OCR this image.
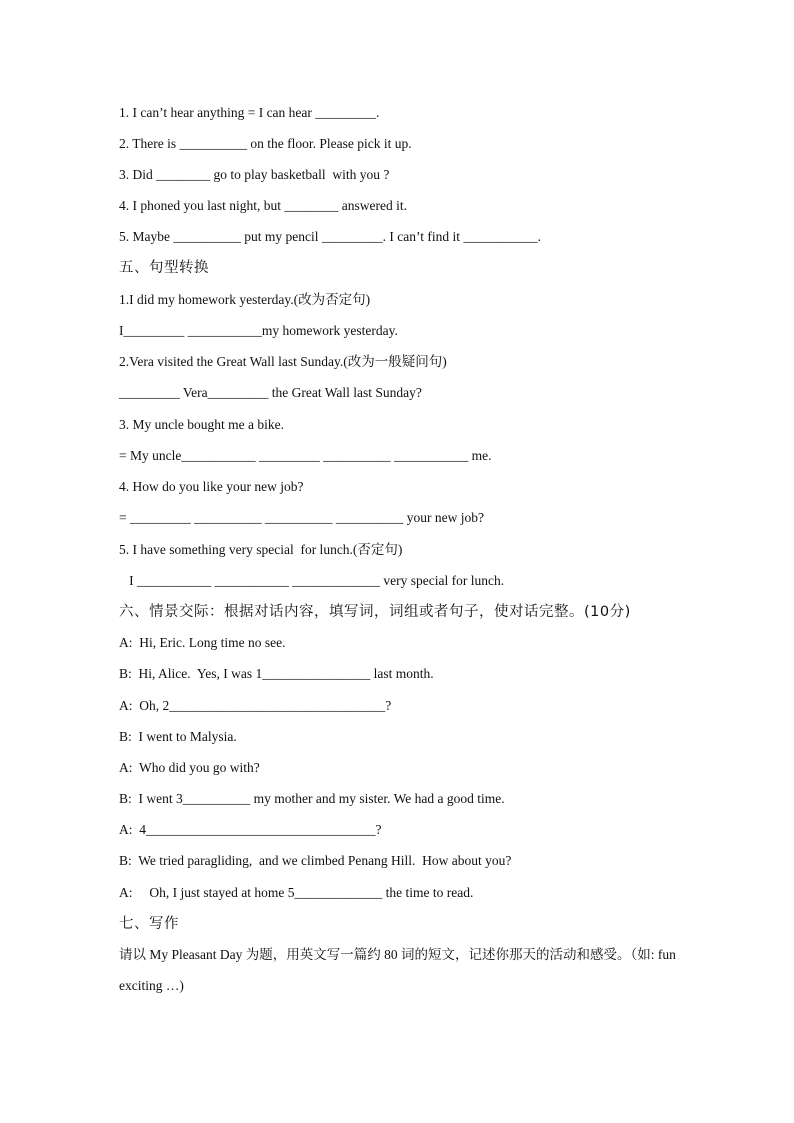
1. I can’t hear anything = I can hear _________.
2. There is __________ on the floor. Please pick it up.
3. Did ________ go to play basketball  with you ?
4. I phoned you last night, but ________ answered it.
5. Maybe __________ put my pencil _________. I can’t find it ___________.
五、句型转换
1.I did my homework yesterday.(改为否定句)
I_________ ___________my homework yesterday.
2.Vera visited the Great Wall last Sunday.(改为一般疑问句)
_________ Vera_________ the Great Wall last Sunday?
3. My uncle bought me a bike.
= My uncle___________ _________ __________ ___________ me.
4. How do you like your new job?
= _________ __________ __________ __________ your new job?
5. I have something very special  for lunch.(否定句)
I ___________ ___________ _____________ very special for lunch.
六、情景交际：根据对话内容，填写词，词组或者句子，使对话完整。(10分)
A:  Hi, Eric. Long time no see.
B:  Hi, Alice.  Yes, I was 1________________ last month.
A:  Oh, 2________________________________?
B:  I went to Malysia.
A:  Who did you go with?
B:  I went 3__________ my mother and my sister. We had a good time.
A:  4__________________________________?
B:  We tried paragliding,  and we climbed Penang Hill.  How about you?
A:     Oh, I just stayed at home 5_____________ the time to read.
七、写作
请以 My Pleasant Day 为题，用英文写一篇约 80 词的短文，记述你那天的活动和感受。（如: fun exciting …)
